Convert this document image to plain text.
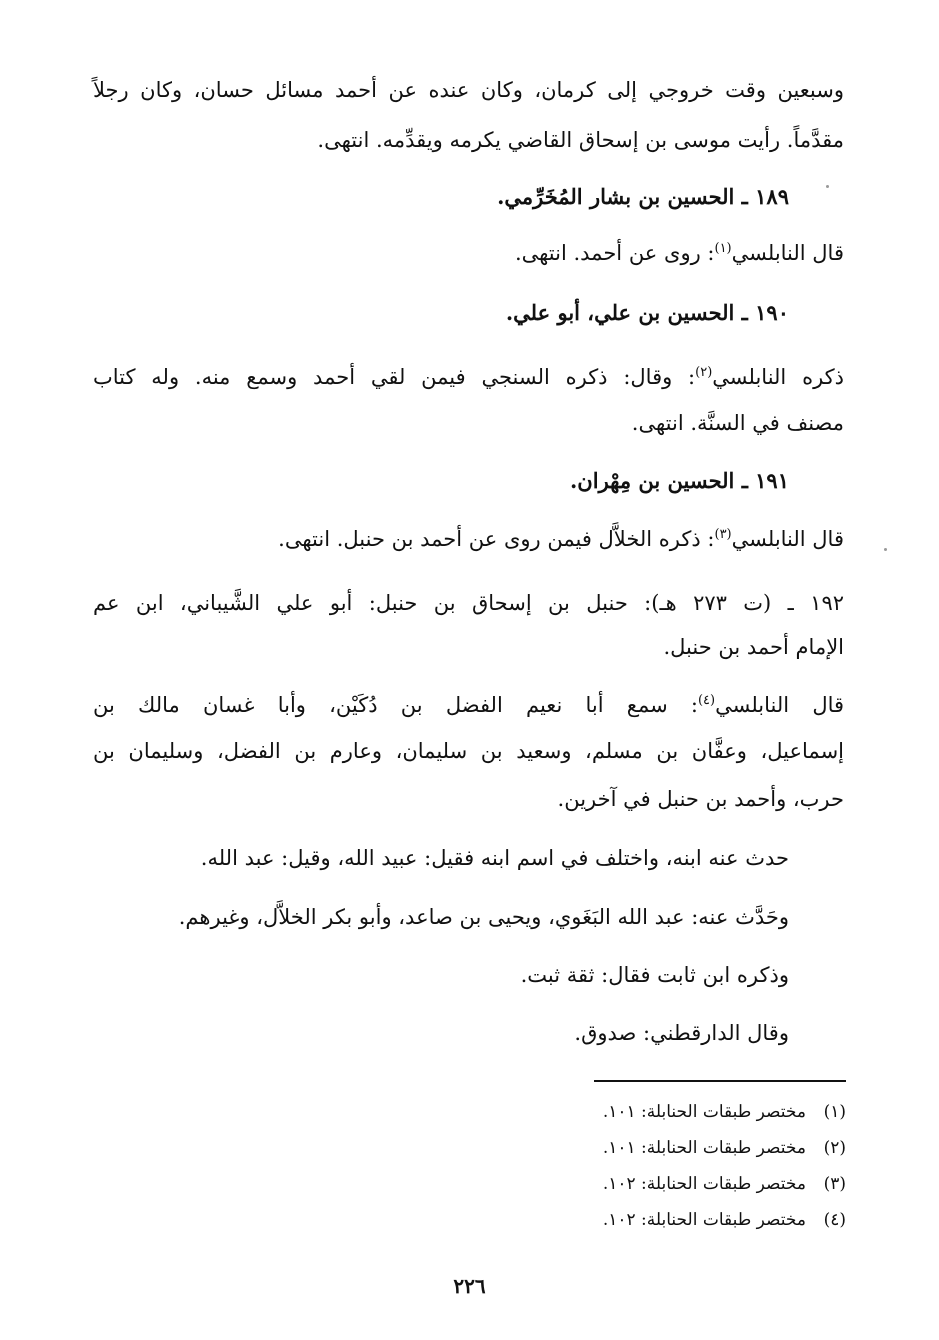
وسبعين وقت خروجي إلى كرمان، وكان عنده عن أحمد مسائل حسان، وكان رجلاً
مقدَّماً. رأيت موسى بن إسحاق القاضي يكرمه ويقدِّمه. انتهى.
١٨٩ ـ الحسين بن بشار المُخَرِّمي.
قال النابلسي$^{(١)}$: روى عن أحمد. انتهى.
١٩٠ ـ الحسين بن علي، أبو علي.
ذكره النابلسي$^{(٢)}$: وقال: ذكره السنجي فيمن لقي أحمد وسمع منه. وله كتاب
مصنف في السنَّة. انتهى.
١٩١ ـ الحسين بن مِهْران.
قال النابلسي$^{(٣)}$: ذكره الخلاَّل فيمن روى عن أحمد بن حنبل. انتهى.
١٩٢ ـ (ت ٢٧٣ هـ): حنبل بن إسحاق بن حنبل: أبو علي الشَّيباني، ابن عم
الإمام أحمد بن حنبل.
قال النابلسي$^{(٤)}$: سمع أبا نعيم الفضل بن دُكَيْن، وأبا غسان مالك بن
إسماعيل، وعفَّان بن مسلم، وسعيد بن سليمان، وعارم بن الفضل، وسليمان بن
حرب، وأحمد بن حنبل في آخرين.
حدث عنه ابنه، واختلف في اسم ابنه فقيل: عبيد الله، وقيل: عبد الله.
وحَدَّث عنه: عبد الله البَغَوي، ويحيى بن صاعد، وأبو بكر الخلاَّل، وغيرهم.
وذكره ابن ثابت فقال: ثقة ثبت.
وقال الدارقطني: صدوق.
(١)مختصر طبقات الحنابلة: ١٠١.
(٢)مختصر طبقات الحنابلة: ١٠١.
(٣)مختصر طبقات الحنابلة: ١٠٢.
(٤)مختصر طبقات الحنابلة: ١٠٢.
٢٢٦
